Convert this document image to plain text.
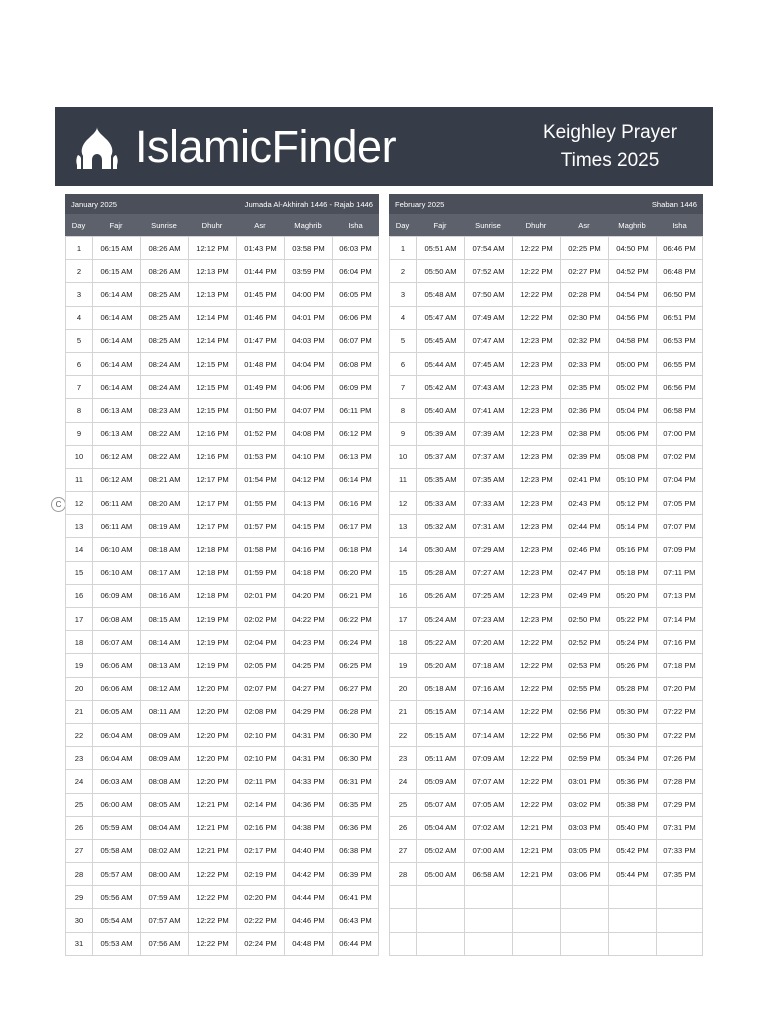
IslamicFinder	Keighley Prayer Times 2025
C
January 2025	Jumada Al-Akhirah 1446 - Rajab 1446
Day	Fajr	Sunrise	Dhuhr	Asr	Maghrib	Isha
1	06:15 AM	08:26 AM	12:12 PM	01:43 PM	03:58 PM	06:03 PM
2	06:15 AM	08:26 AM	12:13 PM	01:44 PM	03:59 PM	06:04 PM
3	06:14 AM	08:25 AM	12:13 PM	01:45 PM	04:00 PM	06:05 PM
4	06:14 AM	08:25 AM	12:14 PM	01:46 PM	04:01 PM	06:06 PM
5	06:14 AM	08:25 AM	12:14 PM	01:47 PM	04:03 PM	06:07 PM
6	06:14 AM	08:24 AM	12:15 PM	01:48 PM	04:04 PM	06:08 PM
7	06:14 AM	08:24 AM	12:15 PM	01:49 PM	04:06 PM	06:09 PM
8	06:13 AM	08:23 AM	12:15 PM	01:50 PM	04:07 PM	06:11 PM
9	06:13 AM	08:22 AM	12:16 PM	01:52 PM	04:08 PM	06:12 PM
10	06:12 AM	08:22 AM	12:16 PM	01:53 PM	04:10 PM	06:13 PM
11	06:12 AM	08:21 AM	12:17 PM	01:54 PM	04:12 PM	06:14 PM
12	06:11 AM	08:20 AM	12:17 PM	01:55 PM	04:13 PM	06:16 PM
13	06:11 AM	08:19 AM	12:17 PM	01:57 PM	04:15 PM	06:17 PM
14	06:10 AM	08:18 AM	12:18 PM	01:58 PM	04:16 PM	06:18 PM
15	06:10 AM	08:17 AM	12:18 PM	01:59 PM	04:18 PM	06:20 PM
16	06:09 AM	08:16 AM	12:18 PM	02:01 PM	04:20 PM	06:21 PM
17	06:08 AM	08:15 AM	12:19 PM	02:02 PM	04:22 PM	06:22 PM
18	06:07 AM	08:14 AM	12:19 PM	02:04 PM	04:23 PM	06:24 PM
19	06:06 AM	08:13 AM	12:19 PM	02:05 PM	04:25 PM	06:25 PM
20	06:06 AM	08:12 AM	12:20 PM	02:07 PM	04:27 PM	06:27 PM
21	06:05 AM	08:11 AM	12:20 PM	02:08 PM	04:29 PM	06:28 PM
22	06:04 AM	08:09 AM	12:20 PM	02:10 PM	04:31 PM	06:30 PM
23	06:04 AM	08:09 AM	12:20 PM	02:10 PM	04:31 PM	06:30 PM
24	06:03 AM	08:08 AM	12:20 PM	02:11 PM	04:33 PM	06:31 PM
25	06:00 AM	08:05 AM	12:21 PM	02:14 PM	04:36 PM	06:35 PM
26	05:59 AM	08:04 AM	12:21 PM	02:16 PM	04:38 PM	06:36 PM
27	05:58 AM	08:02 AM	12:21 PM	02:17 PM	04:40 PM	06:38 PM
28	05:57 AM	08:00 AM	12:22 PM	02:19 PM	04:42 PM	06:39 PM
29	05:56 AM	07:59 AM	12:22 PM	02:20 PM	04:44 PM	06:41 PM
30	05:54 AM	07:57 AM	12:22 PM	02:22 PM	04:46 PM	06:43 PM
31	05:53 AM	07:56 AM	12:22 PM	02:24 PM	04:48 PM	06:44 PM
February 2025	Shaban 1446
Day	Fajr	Sunrise	Dhuhr	Asr	Maghrib	Isha
1	05:51 AM	07:54 AM	12:22 PM	02:25 PM	04:50 PM	06:46 PM
2	05:50 AM	07:52 AM	12:22 PM	02:27 PM	04:52 PM	06:48 PM
3	05:48 AM	07:50 AM	12:22 PM	02:28 PM	04:54 PM	06:50 PM
4	05:47 AM	07:49 AM	12:22 PM	02:30 PM	04:56 PM	06:51 PM
5	05:45 AM	07:47 AM	12:23 PM	02:32 PM	04:58 PM	06:53 PM
6	05:44 AM	07:45 AM	12:23 PM	02:33 PM	05:00 PM	06:55 PM
7	05:42 AM	07:43 AM	12:23 PM	02:35 PM	05:02 PM	06:56 PM
8	05:40 AM	07:41 AM	12:23 PM	02:36 PM	05:04 PM	06:58 PM
9	05:39 AM	07:39 AM	12:23 PM	02:38 PM	05:06 PM	07:00 PM
10	05:37 AM	07:37 AM	12:23 PM	02:39 PM	05:08 PM	07:02 PM
11	05:35 AM	07:35 AM	12:23 PM	02:41 PM	05:10 PM	07:04 PM
12	05:33 AM	07:33 AM	12:23 PM	02:43 PM	05:12 PM	07:05 PM
13	05:32 AM	07:31 AM	12:23 PM	02:44 PM	05:14 PM	07:07 PM
14	05:30 AM	07:29 AM	12:23 PM	02:46 PM	05:16 PM	07:09 PM
15	05:28 AM	07:27 AM	12:23 PM	02:47 PM	05:18 PM	07:11 PM
16	05:26 AM	07:25 AM	12:23 PM	02:49 PM	05:20 PM	07:13 PM
17	05:24 AM	07:23 AM	12:23 PM	02:50 PM	05:22 PM	07:14 PM
18	05:22 AM	07:20 AM	12:22 PM	02:52 PM	05:24 PM	07:16 PM
19	05:20 AM	07:18 AM	12:22 PM	02:53 PM	05:26 PM	07:18 PM
20	05:18 AM	07:16 AM	12:22 PM	02:55 PM	05:28 PM	07:20 PM
21	05:15 AM	07:14 AM	12:22 PM	02:56 PM	05:30 PM	07:22 PM
22	05:15 AM	07:14 AM	12:22 PM	02:56 PM	05:30 PM	07:22 PM
23	05:11 AM	07:09 AM	12:22 PM	02:59 PM	05:34 PM	07:26 PM
24	05:09 AM	07:07 AM	12:22 PM	03:01 PM	05:36 PM	07:28 PM
25	05:07 AM	07:05 AM	12:22 PM	03:02 PM	05:38 PM	07:29 PM
26	05:04 AM	07:02 AM	12:21 PM	03:03 PM	05:40 PM	07:31 PM
27	05:02 AM	07:00 AM	12:21 PM	03:05 PM	05:42 PM	07:33 PM
28	05:00 AM	06:58 AM	12:21 PM	03:06 PM	05:44 PM	07:35 PM
